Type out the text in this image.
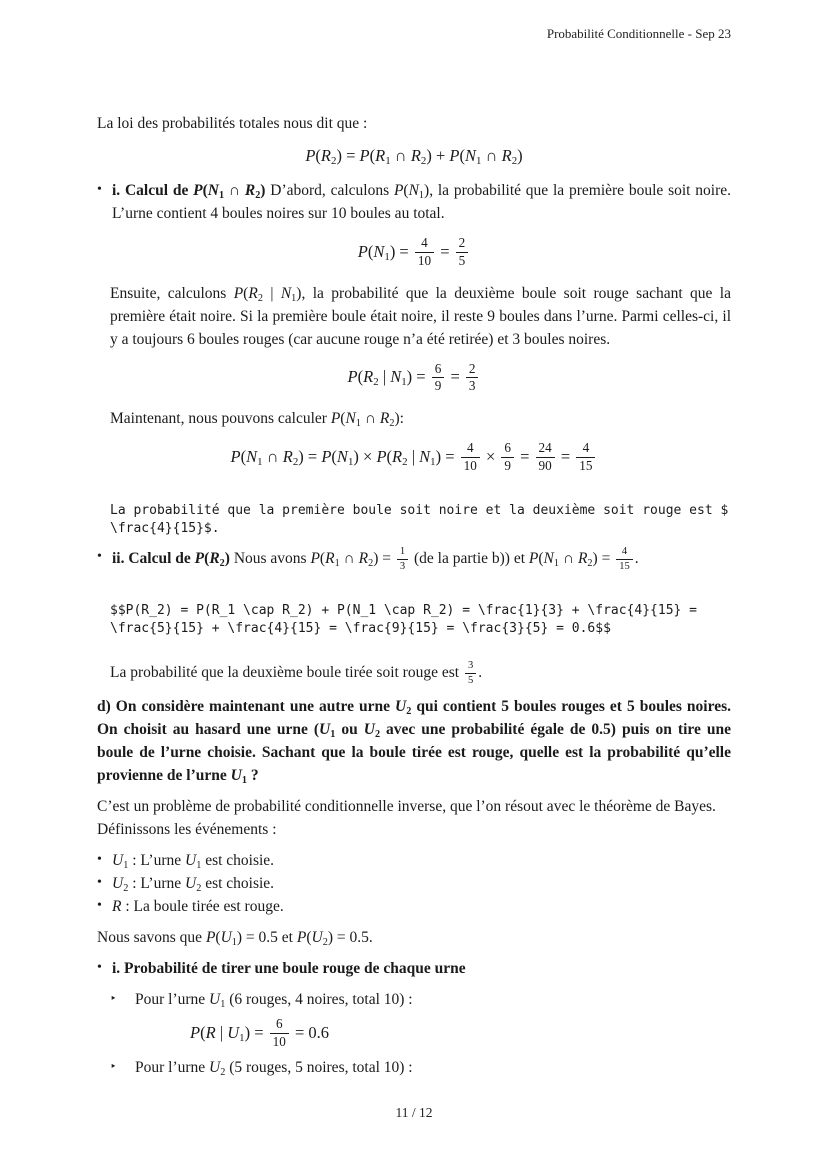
Probabilité Conditionnelle - Sep 23
La loi des probabilités totales nous dit que :
$P(R_2) = P(R_1$ ∩ $R_2) + P(N_1$ ∩ $R_2$)
• i. Calcul de $P(N_1$ ∩ $R_2$) D’abord, calculons $P(N_1)$, la probabilité que la première boule soit noire. L’urne contient 4 boules noires sur 10 boules au total.
$P(N_1) = \frac{4}{10} = \frac{2}{5}$
Ensuite, calculons $P(R_2$ | $N_1$), la probabilité que la deuxième boule soit rouge sachant que la première était noire. Si la première boule était noire, il reste 9 boules dans l’urne. Parmi celles-ci, il y a toujours 6 boules rouges (car aucune rouge n’a été retirée) et 3 boules noires.
$P(R_2$ | $N_1) = \frac{6}{9} = \frac{2}{3}$
Maintenant, nous pouvons calculer $P(N_1$ ∩ $R_2$):
$P(N_1$ ∩ $R_2) = P(N_1) \times P(R_2$ | $N_1) = \frac{4}{10} \times \frac{6}{9} = \frac{24}{90} = \frac{4}{15}$
La probabilité que la première boule soit noire et la deuxième soit rouge est $
\frac{4}{15}$.
• ii. Calcul de $P(R_2)$ Nous avons $P(R_1$ ∩ $R_2) = \frac{1}{3} (de$ la partie b)) et $P(N_1$ ∩ $R_2) = \frac{4}{15}$ .
$$P(R_2) = P(R_1 \cap R_2) + P(N_1 \cap R_2) = \frac{1}{3} + \frac{4}{15} =
\frac{5}{15} + \frac{4}{15} = \frac{9}{15} = \frac{3}{5} = 0.6$$
La probabilité que la deuxième boule tirée soit rouge est $\frac{3}{5}$ .
d) On considère maintenant une autre urne $U_2$ qui contient 5 boules rouges et 5 boules noires. On choisit au hasard une urne ($U_1$ ou $U_2$ avec une probabilité égale de 0.5) puis on tire une boule de l’urne choisie. Sachant que la boule tirée est rouge, quelle est la probabilité qu’elle provienne de l’urne $U_1$ ?
C’est un problème de probabilité conditionnelle inverse, que l’on résout avec le théorème de Bayes.
Définissons les événements :
• $U_1$ : L’urne $U_1$ est choisie.
• $U_2$ : L’urne $U_2$ est choisie.
• R : La boule tirée est rouge.
Nous savons que $P(U_1) = 0.5$ et $P(U_2) = 0.5$.
• i. Probabilité de tirer une boule rouge de chaque urne
‣ Pour l’urne $U_1$ (6 rouges, 4 noires, total 10) :
P(R | $U_1) = \frac{6}{10} = 0.6$
‣ Pour l’urne $U_2$ (5 rouges, 5 noires, total 10) :
11 / 12
